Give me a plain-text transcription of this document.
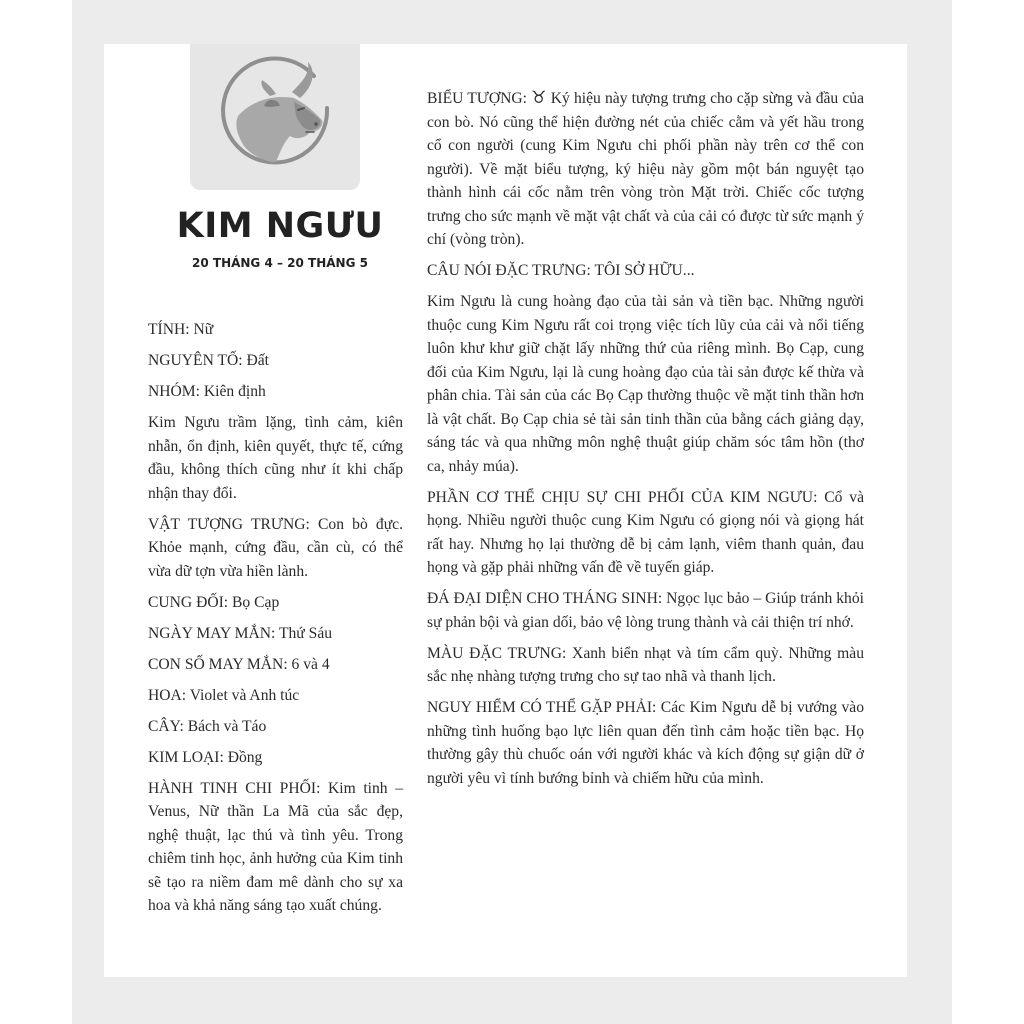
KIM NGƯU
20 THÁNG 4 – 20 THÁNG 5

TÍNH: Nữ

NGUYÊN TỐ: Đất

NHÓM: Kiên định

Kim Ngưu trầm lặng, tình cảm, kiên nhẫn, ổn định, kiên quyết, thực tế, cứng đầu, không thích cũng như ít khi chấp nhận thay đổi.

VẬT TƯỢNG TRƯNG: Con bò đực. Khỏe mạnh, cứng đầu, cần cù, có thể vừa dữ tợn vừa hiền lành.

CUNG ĐỐI: Bọ Cạp

NGÀY MAY MẮN: Thứ Sáu

CON SỐ MAY MẮN: 6 và 4

HOA: Violet và Anh túc

CÂY: Bách và Táo

KIM LOẠI: Đồng

HÀNH TINH CHI PHỐI: Kim tinh – Venus, Nữ thần La Mã của sắc đẹp, nghệ thuật, lạc thú và tình yêu. Trong chiêm tinh học, ảnh hưởng của Kim tinh sẽ tạo ra niềm đam mê dành cho sự xa hoa và khả năng sáng tạo xuất chúng.

BIỂU TƯỢNG: ♉ Ký hiệu này tượng trưng cho cặp sừng và đầu của con bò. Nó cũng thể hiện đường nét của chiếc cằm và yết hầu trong cổ con người (cung Kim Ngưu chi phối phần này trên cơ thể con người). Về mặt biểu tượng, ký hiệu này gồm một bán nguyệt tạo thành hình cái cốc nằm trên vòng tròn Mặt trời. Chiếc cốc tượng trưng cho sức mạnh về mặt vật chất và của cải có được từ sức mạnh ý chí (vòng tròn).

CÂU NÓI ĐẶC TRƯNG: TÔI SỞ HỮU...

Kim Ngưu là cung hoàng đạo của tài sản và tiền bạc. Những người thuộc cung Kim Ngưu rất coi trọng việc tích lũy của cải và nổi tiếng luôn khư khư giữ chặt lấy những thứ của riêng mình. Bọ Cạp, cung đối của Kim Ngưu, lại là cung hoàng đạo của tài sản được kế thừa và phân chia. Tài sản của các Bọ Cạp thường thuộc về mặt tinh thần hơn là vật chất. Bọ Cạp chia sẻ tài sản tinh thần của bằng cách giảng dạy, sáng tác và qua những môn nghệ thuật giúp chăm sóc tâm hồn (thơ ca, nhảy múa).

PHẦN CƠ THỂ CHỊU SỰ CHI PHỐI CỦA KIM NGƯU: Cổ và họng. Nhiều người thuộc cung Kim Ngưu có giọng nói và giọng hát rất hay. Nhưng họ lại thường dễ bị cảm lạnh, viêm thanh quản, đau họng và gặp phải những vấn đề về tuyến giáp.

ĐÁ ĐẠI DIỆN CHO THÁNG SINH: Ngọc lục bảo – Giúp tránh khỏi sự phản bội và gian dối, bảo vệ lòng trung thành và cải thiện trí nhớ.

MÀU ĐẶC TRƯNG: Xanh biển nhạt và tím cẩm quỳ. Những màu sắc nhẹ nhàng tượng trưng cho sự tao nhã và thanh lịch.

NGUY HIỂM CÓ THỂ GẶP PHẢI: Các Kim Ngưu dễ bị vướng vào những tình huống bạo lực liên quan đến tình cảm hoặc tiền bạc. Họ thường gây thù chuốc oán với người khác và kích động sự giận dữ ở người yêu vì tính bướng bỉnh và chiếm hữu của mình.
